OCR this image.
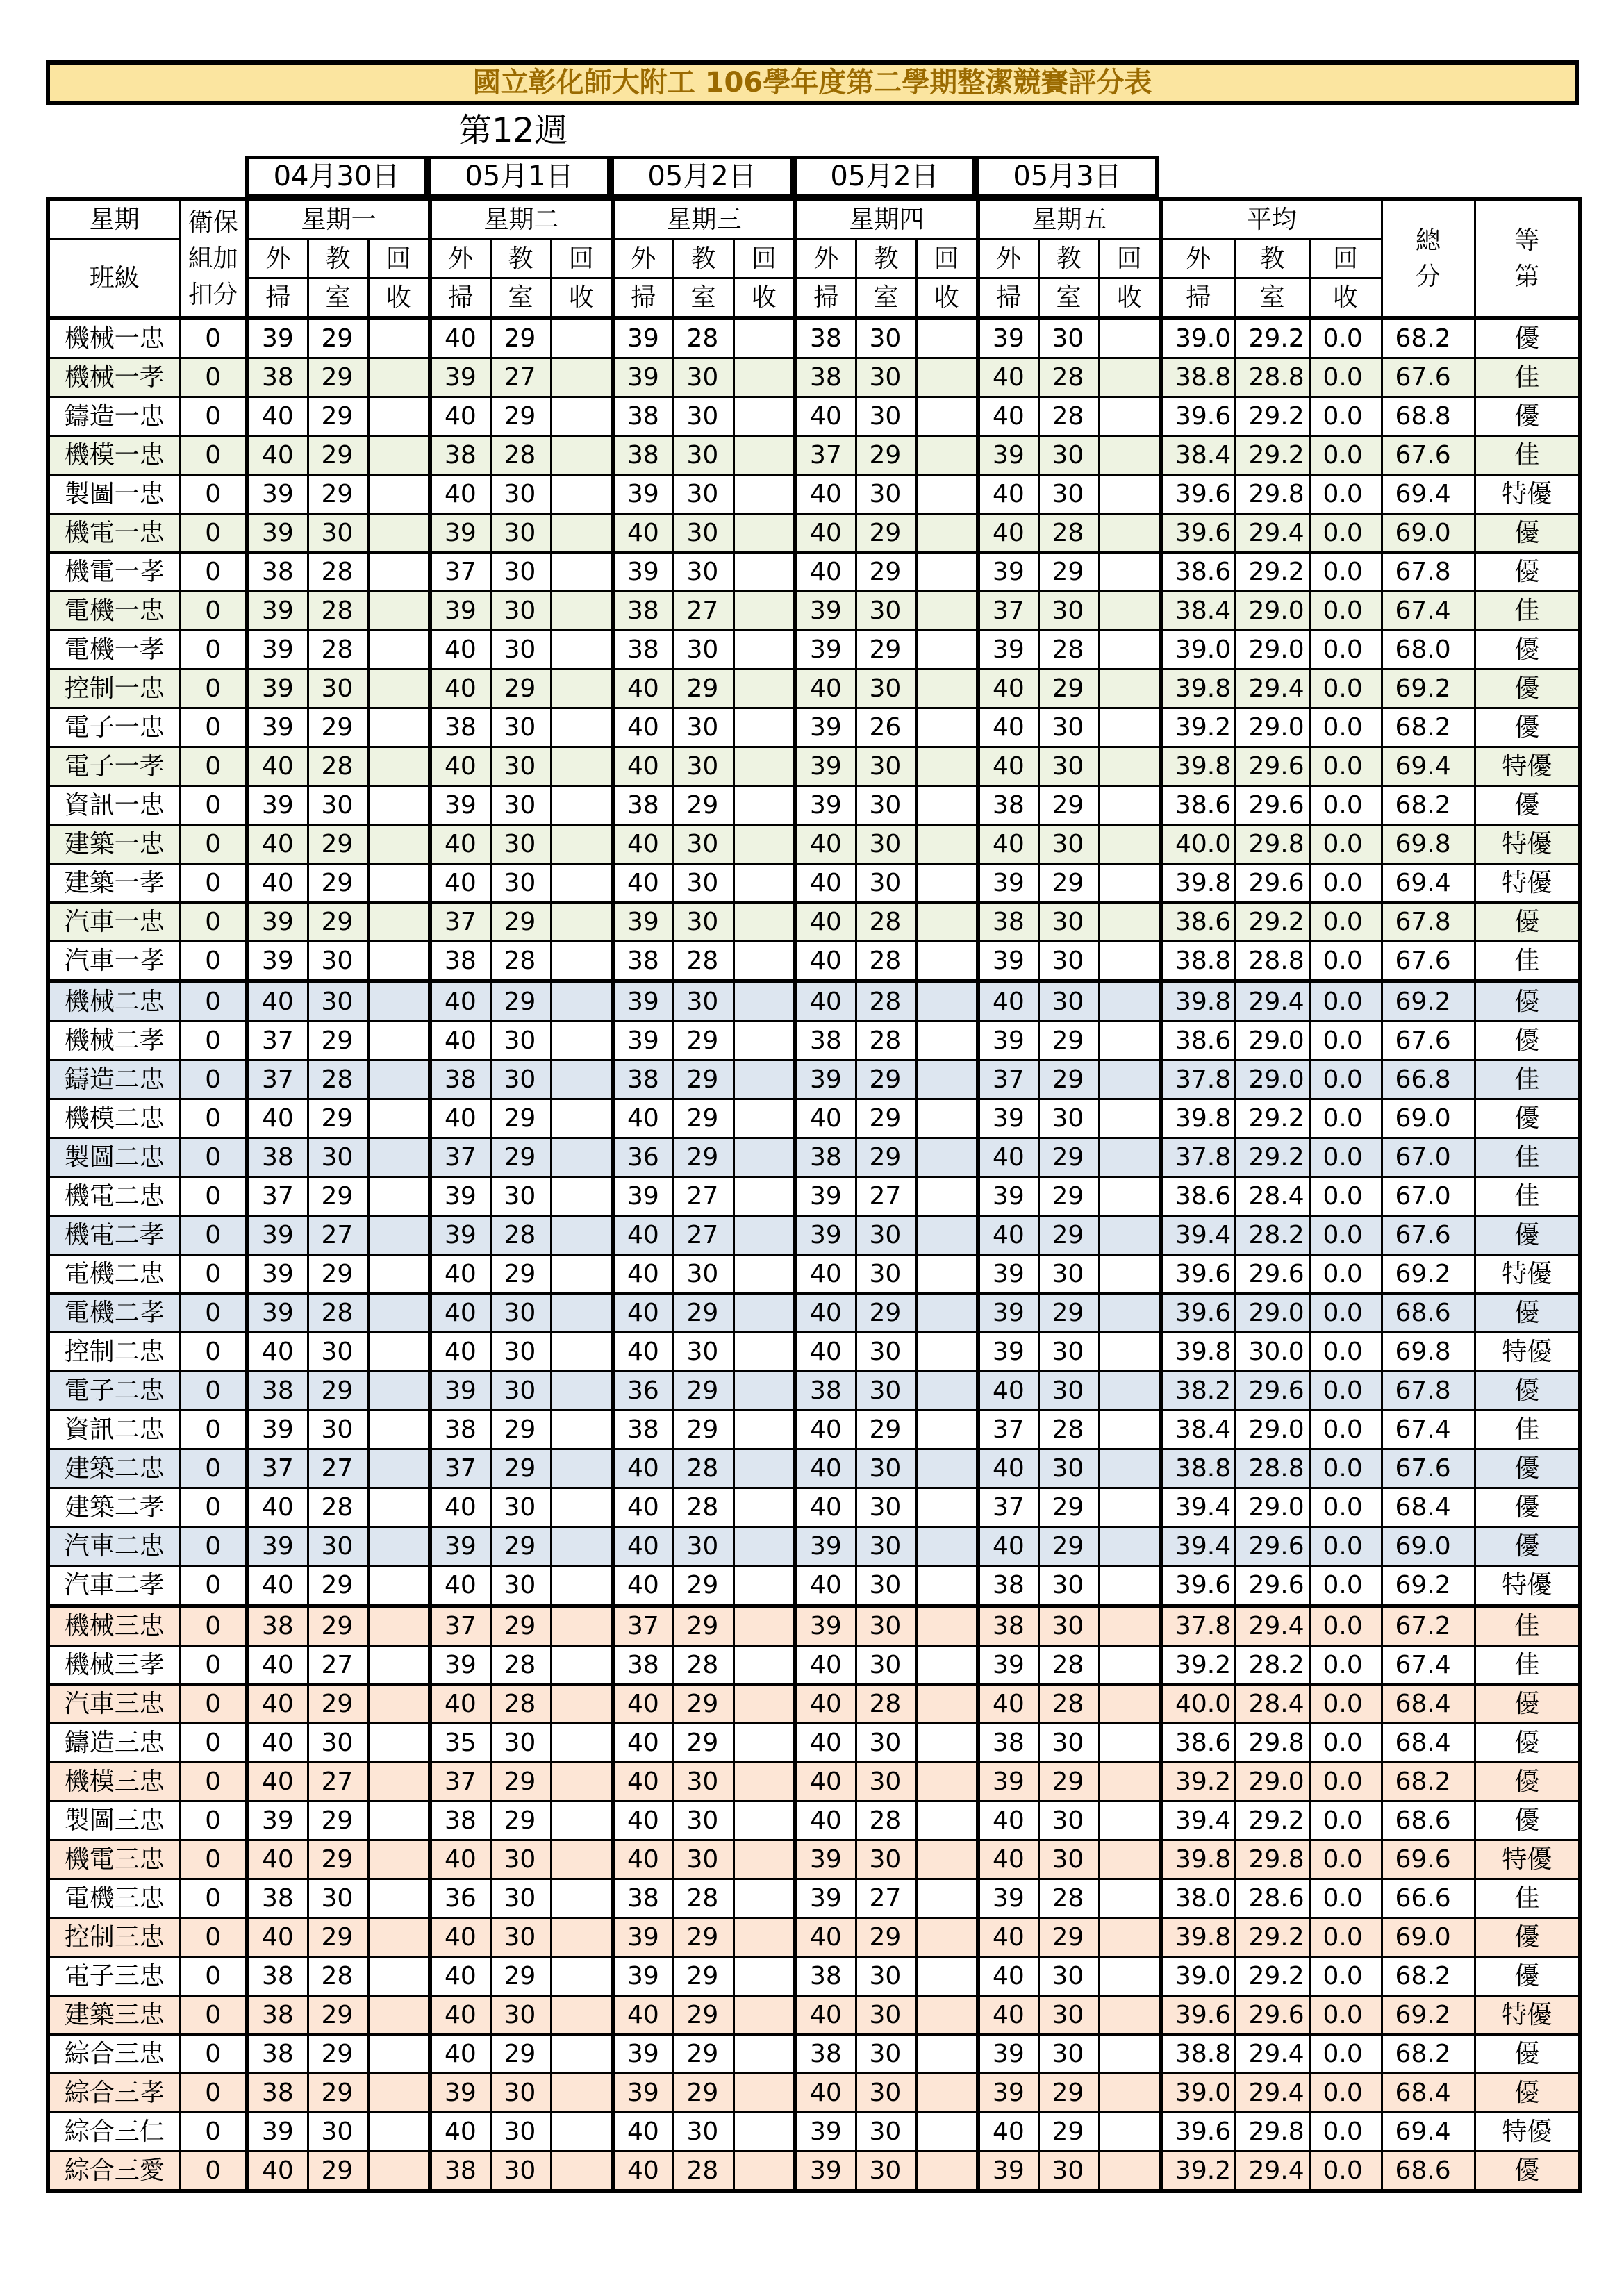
國立彰化師大附工 106學年度第二學期整潔競賽評分表
第12週
04月30日	05月1日	05月2日	05月2日	05月3日
星期	衛保
組加
扣分	星期一			星期二			星期三			星期四			星期五			平均			總
分	等
第

班級		外	教	回	外	教	回	外	教	回	外	教	回	外	教	回	外	教	回		
		掃	室	收	掃	室	收	掃	室	收	掃	室	收	掃	室	收	掃	室	收		
機械一忠	0	39	29		40	29		39	28		38	30		39	30		39.0	29.2	0.0	68.2	優
機械一孝	0	38	29		39	27		39	30		38	30		40	28		38.8	28.8	0.0	67.6	佳
鑄造一忠	0	40	29		40	29		38	30		40	30		40	28		39.6	29.2	0.0	68.8	優
機模一忠	0	40	29		38	28		38	30		37	29		39	30		38.4	29.2	0.0	67.6	佳
製圖一忠	0	39	29		40	30		39	30		40	30		40	30		39.6	29.8	0.0	69.4	特優
機電一忠	0	39	30		39	30		40	30		40	29		40	28		39.6	29.4	0.0	69.0	優
機電一孝	0	38	28		37	30		39	30		40	29		39	29		38.6	29.2	0.0	67.8	優
電機一忠	0	39	28		39	30		38	27		39	30		37	30		38.4	29.0	0.0	67.4	佳
電機一孝	0	39	28		40	30		38	30		39	29		39	28		39.0	29.0	0.0	68.0	優
控制一忠	0	39	30		40	29		40	29		40	30		40	29		39.8	29.4	0.0	69.2	優
電子一忠	0	39	29		38	30		40	30		39	26		40	30		39.2	29.0	0.0	68.2	優
電子一孝	0	40	28		40	30		40	30		39	30		40	30		39.8	29.6	0.0	69.4	特優
資訊一忠	0	39	30		39	30		38	29		39	30		38	29		38.6	29.6	0.0	68.2	優
建築一忠	0	40	29		40	30		40	30		40	30		40	30		40.0	29.8	0.0	69.8	特優
建築一孝	0	40	29		40	30		40	30		40	30		39	29		39.8	29.6	0.0	69.4	特優
汽車一忠	0	39	29		37	29		39	30		40	28		38	30		38.6	29.2	0.0	67.8	優
汽車一孝	0	39	30		38	28		38	28		40	28		39	30		38.8	28.8	0.0	67.6	佳
機械二忠	0	40	30		40	29		39	30		40	28		40	30		39.8	29.4	0.0	69.2	優
機械二孝	0	37	29		40	30		39	29		38	28		39	29		38.6	29.0	0.0	67.6	優
鑄造二忠	0	37	28		38	30		38	29		39	29		37	29		37.8	29.0	0.0	66.8	佳
機模二忠	0	40	29		40	29		40	29		40	29		39	30		39.8	29.2	0.0	69.0	優
製圖二忠	0	38	30		37	29		36	29		38	29		40	29		37.8	29.2	0.0	67.0	佳
機電二忠	0	37	29		39	30		39	27		39	27		39	29		38.6	28.4	0.0	67.0	佳
機電二孝	0	39	27		39	28		40	27		39	30		40	29		39.4	28.2	0.0	67.6	優
電機二忠	0	39	29		40	29		40	30		40	30		39	30		39.6	29.6	0.0	69.2	特優
電機二孝	0	39	28		40	30		40	29		40	29		39	29		39.6	29.0	0.0	68.6	優
控制二忠	0	40	30		40	30		40	30		40	30		39	30		39.8	30.0	0.0	69.8	特優
電子二忠	0	38	29		39	30		36	29		38	30		40	30		38.2	29.6	0.0	67.8	優
資訊二忠	0	39	30		38	29		38	29		40	29		37	28		38.4	29.0	0.0	67.4	佳
建築二忠	0	37	27		37	29		40	28		40	30		40	30		38.8	28.8	0.0	67.6	優
建築二孝	0	40	28		40	30		40	28		40	30		37	29		39.4	29.0	0.0	68.4	優
汽車二忠	0	39	30		39	29		40	30		39	30		40	29		39.4	29.6	0.0	69.0	優
汽車二孝	0	40	29		40	30		40	29		40	30		38	30		39.6	29.6	0.0	69.2	特優
機械三忠	0	38	29		37	29		37	29		39	30		38	30		37.8	29.4	0.0	67.2	佳
機械三孝	0	40	27		39	28		38	28		40	30		39	28		39.2	28.2	0.0	67.4	佳
汽車三忠	0	40	29		40	28		40	29		40	28		40	28		40.0	28.4	0.0	68.4	優
鑄造三忠	0	40	30		35	30		40	29		40	30		38	30		38.6	29.8	0.0	68.4	優
機模三忠	0	40	27		37	29		40	30		40	30		39	29		39.2	29.0	0.0	68.2	優
製圖三忠	0	39	29		38	29		40	30		40	28		40	30		39.4	29.2	0.0	68.6	優
機電三忠	0	40	29		40	30		40	30		39	30		40	30		39.8	29.8	0.0	69.6	特優
電機三忠	0	38	30		36	30		38	28		39	27		39	28		38.0	28.6	0.0	66.6	佳
控制三忠	0	40	29		40	30		39	29		40	29		40	29		39.8	29.2	0.0	69.0	優
電子三忠	0	38	28		40	29		39	29		38	30		40	30		39.0	29.2	0.0	68.2	優
建築三忠	0	38	29		40	30		40	29		40	30		40	30		39.6	29.6	0.0	69.2	特優
綜合三忠	0	38	29		40	29		39	29		38	30		39	30		38.8	29.4	0.0	68.2	優
綜合三孝	0	38	29		39	30		39	29		40	30		39	29		39.0	29.4	0.0	68.4	優
綜合三仁	0	39	30		40	30		40	30		39	30		40	29		39.6	29.8	0.0	69.4	特優
綜合三愛	0	40	29		38	30		40	28		39	30		39	30		39.2	29.4	0.0	68.6	優
